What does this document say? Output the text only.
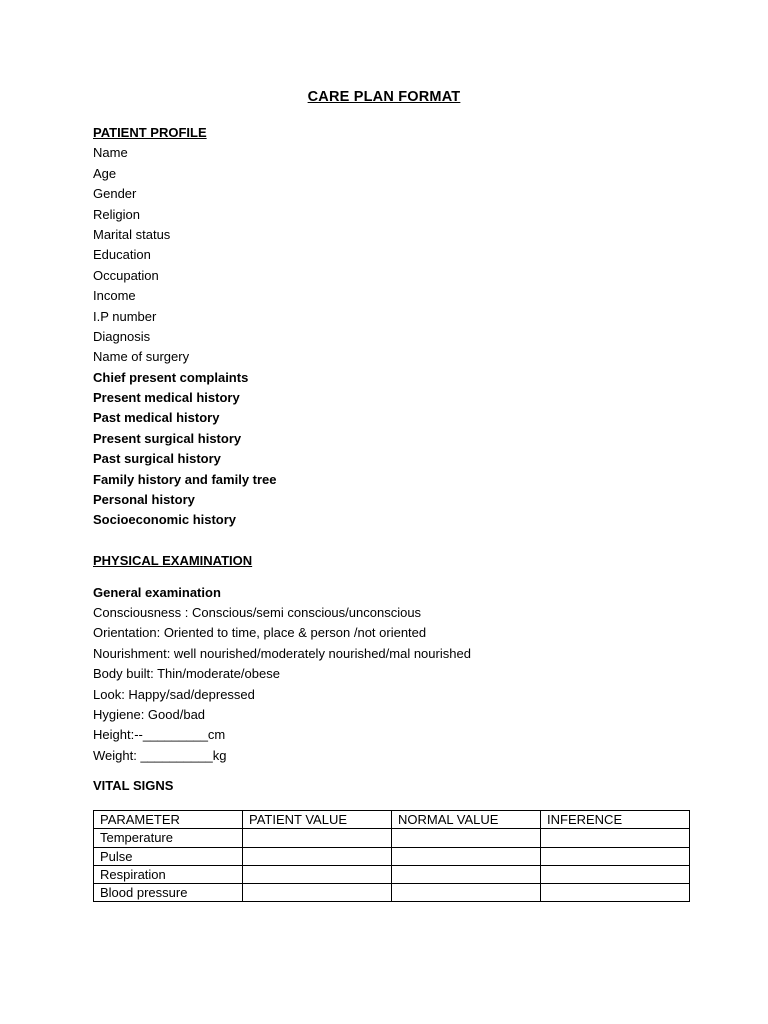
CARE PLAN FORMAT
PATIENT PROFILE
Name
Age
Gender
Religion
Marital status
Education
Occupation
Income
I.P number
Diagnosis
Name of surgery
Chief present complaints
Present medical history
Past medical history
Present surgical history
Past surgical history
Family history and family tree
Personal history
Socioeconomic history
PHYSICAL EXAMINATION
General examination
Consciousness : Conscious/semi conscious/unconscious
Orientation: Oriented to time, place & person /not oriented
Nourishment: well nourished/moderately nourished/mal nourished
Body built: Thin/moderate/obese
Look: Happy/sad/depressed
Hygiene: Good/bad
Height:--_________cm
Weight: __________kg
VITAL SIGNS
PARAMETER	PATIENT VALUE	NORMAL VALUE	INFERENCE
Temperature			
Pulse			
Respiration			
Blood pressure			
